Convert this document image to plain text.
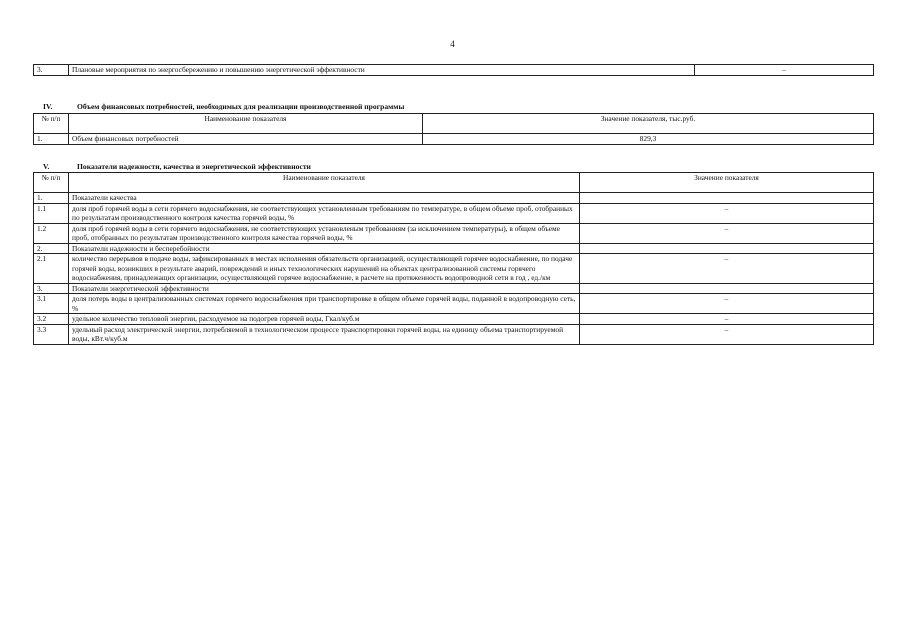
4
3.	Плановые мероприятия по энергосбережению и повышению энергетической эффективности	–
IV.	Объем финансовых потребностей, необходимых для реализации производственной программы
№ п/п	Наименование показателя	Значение показателя, тыс.руб.
1.	Объем финансовых потребностей	829,3
V.	Показатели надежности, качества и энергетической эффективности
№ п/п	Наименование показателя	Значение показателя
1.	Показатели качества	
1.1	доля проб горячей воды в сети горячего водоснабжения, не соответствующих установленным требованиям по температуре, в общем объеме проб, отобранных по результатам производственного контроля качества горячей воды, %	–
1.2	доля проб горячей воды в сети горячего водоснабжения, не соответствующих установленым требованиям (за исключением температуры), в общем объеме проб, отобранных по результатам производственного контроля качества горячей воды, %	–
2.	Показатели надежности и бесперебойности	
2.1	количество перерывов в подаче воды, зафиксированных в местах исполнения обязательств организацией, осуществляющей горячее водоснабжение, по подаче горячей воды, возникших в результате аварий, повреждений и иных технологических нарушений на объектах централизованной системы горячего водоснабжения, принадлежащих организации, осуществляющей горячее водоснабжение, в расчете на протяженность водопроводной сети в год , ед./км	–
3.	Показатели энергетической эффективности	
3.1	доля потерь воды в централизованных системах горячего водоснабжения при транспортировке в общем объеме горячей воды, поданной в водопроводную сеть, %	–
3.2	удельное количество тепловой энергии, расходуемое на подогрев горячей воды, Гкал/куб.м	–
3.3	удельный расход электрической энергии, потребляемой в технологическом процессе транспортировки горячей воды, на единицу объема транспортируемой воды, кВт.ч/куб.м	–
